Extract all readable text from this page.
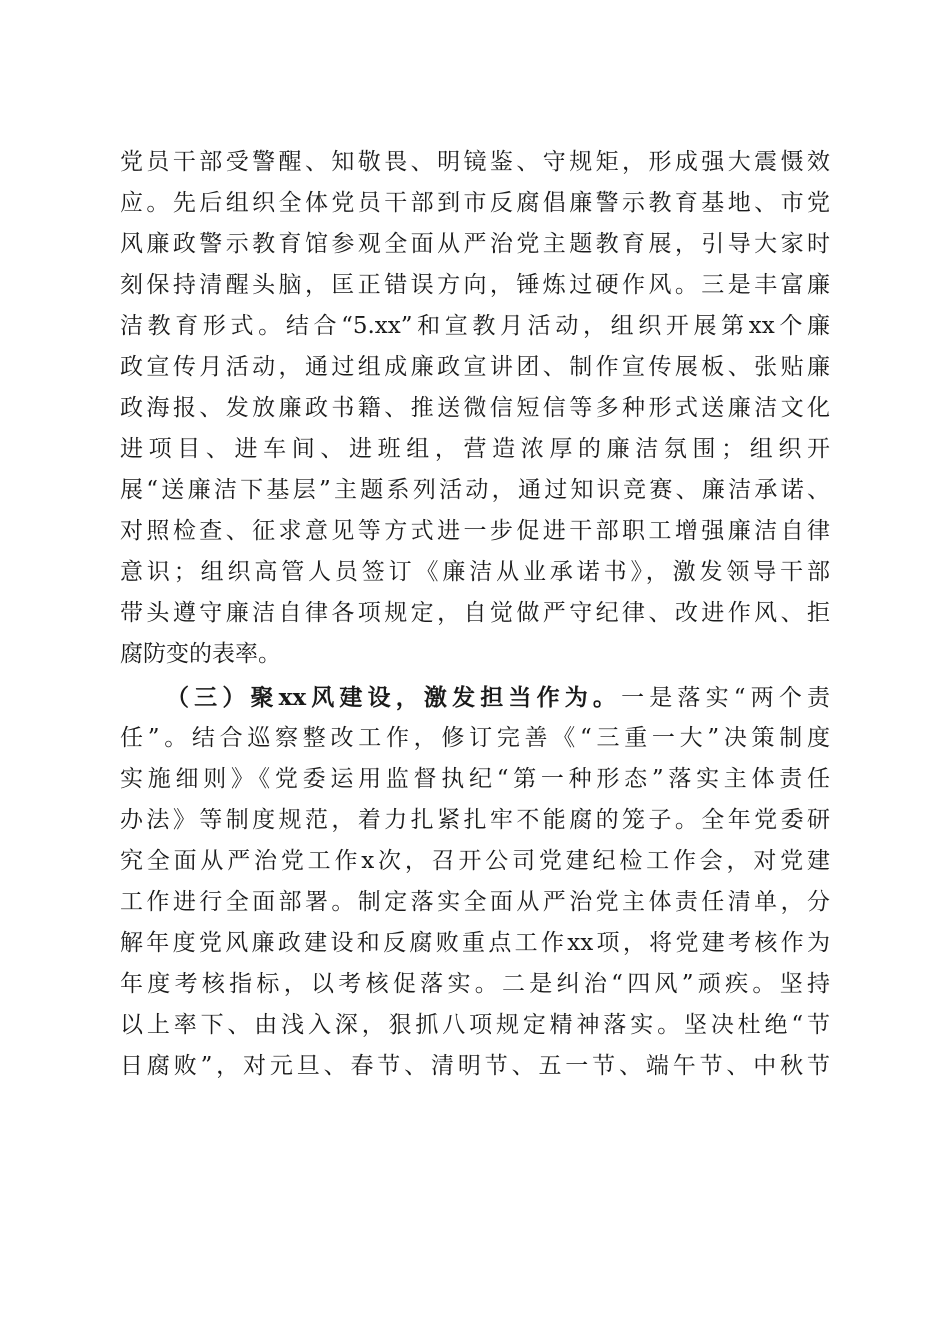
党员干部受警醒、知敬畏、明镜鉴、守规矩，形成强大震慑效
应。先后组织全体党员干部到市反腐倡廉警示教育基地、市党
风廉政警示教育馆参观全面从严治党主题教育展，引导大家时
刻保持清醒头脑，匡正错误方向，锤炼过硬作风。三是丰富廉
洁教育形式。结合“5.xx”和宣教月活动，组织开展第xx个廉
政宣传月活动，通过组成廉政宣讲团、制作宣传展板、张贴廉
政海报、发放廉政书籍、推送微信短信等多种形式送廉洁文化
进项目、进车间、进班组，营造浓厚的廉洁氛围；组织开
展“送廉洁下基层”主题系列活动，通过知识竞赛、廉洁承诺、
对照检查、征求意见等方式进一步促进干部职工增强廉洁自律
意识；组织高管人员签订《廉洁从业承诺书》，激发领导干部
带头遵守廉洁自律各项规定，自觉做严守纪律、改进作风、拒
腐防变的表率。
（三）聚xx风建设，激发担当作为。一是落实“两个责
任”。结合巡察整改工作，修订完善《“三重一大”决策制度
实施细则》《党委运用监督执纪“第一种形态”落实主体责任
办法》等制度规范，着力扎紧扎牢不能腐的笼子。全年党委研
究全面从严治党工作x次，召开公司党建纪检工作会，对党建
工作进行全面部署。制定落实全面从严治党主体责任清单，分
解年度党风廉政建设和反腐败重点工作xx项，将党建考核作为
年度考核指标，以考核促落实。二是纠治“四风”顽疾。坚持
以上率下、由浅入深，狠抓八项规定精神落实。坚决杜绝“节
日腐败”，对元旦、春节、清明节、五一节、端午节、中秋节
